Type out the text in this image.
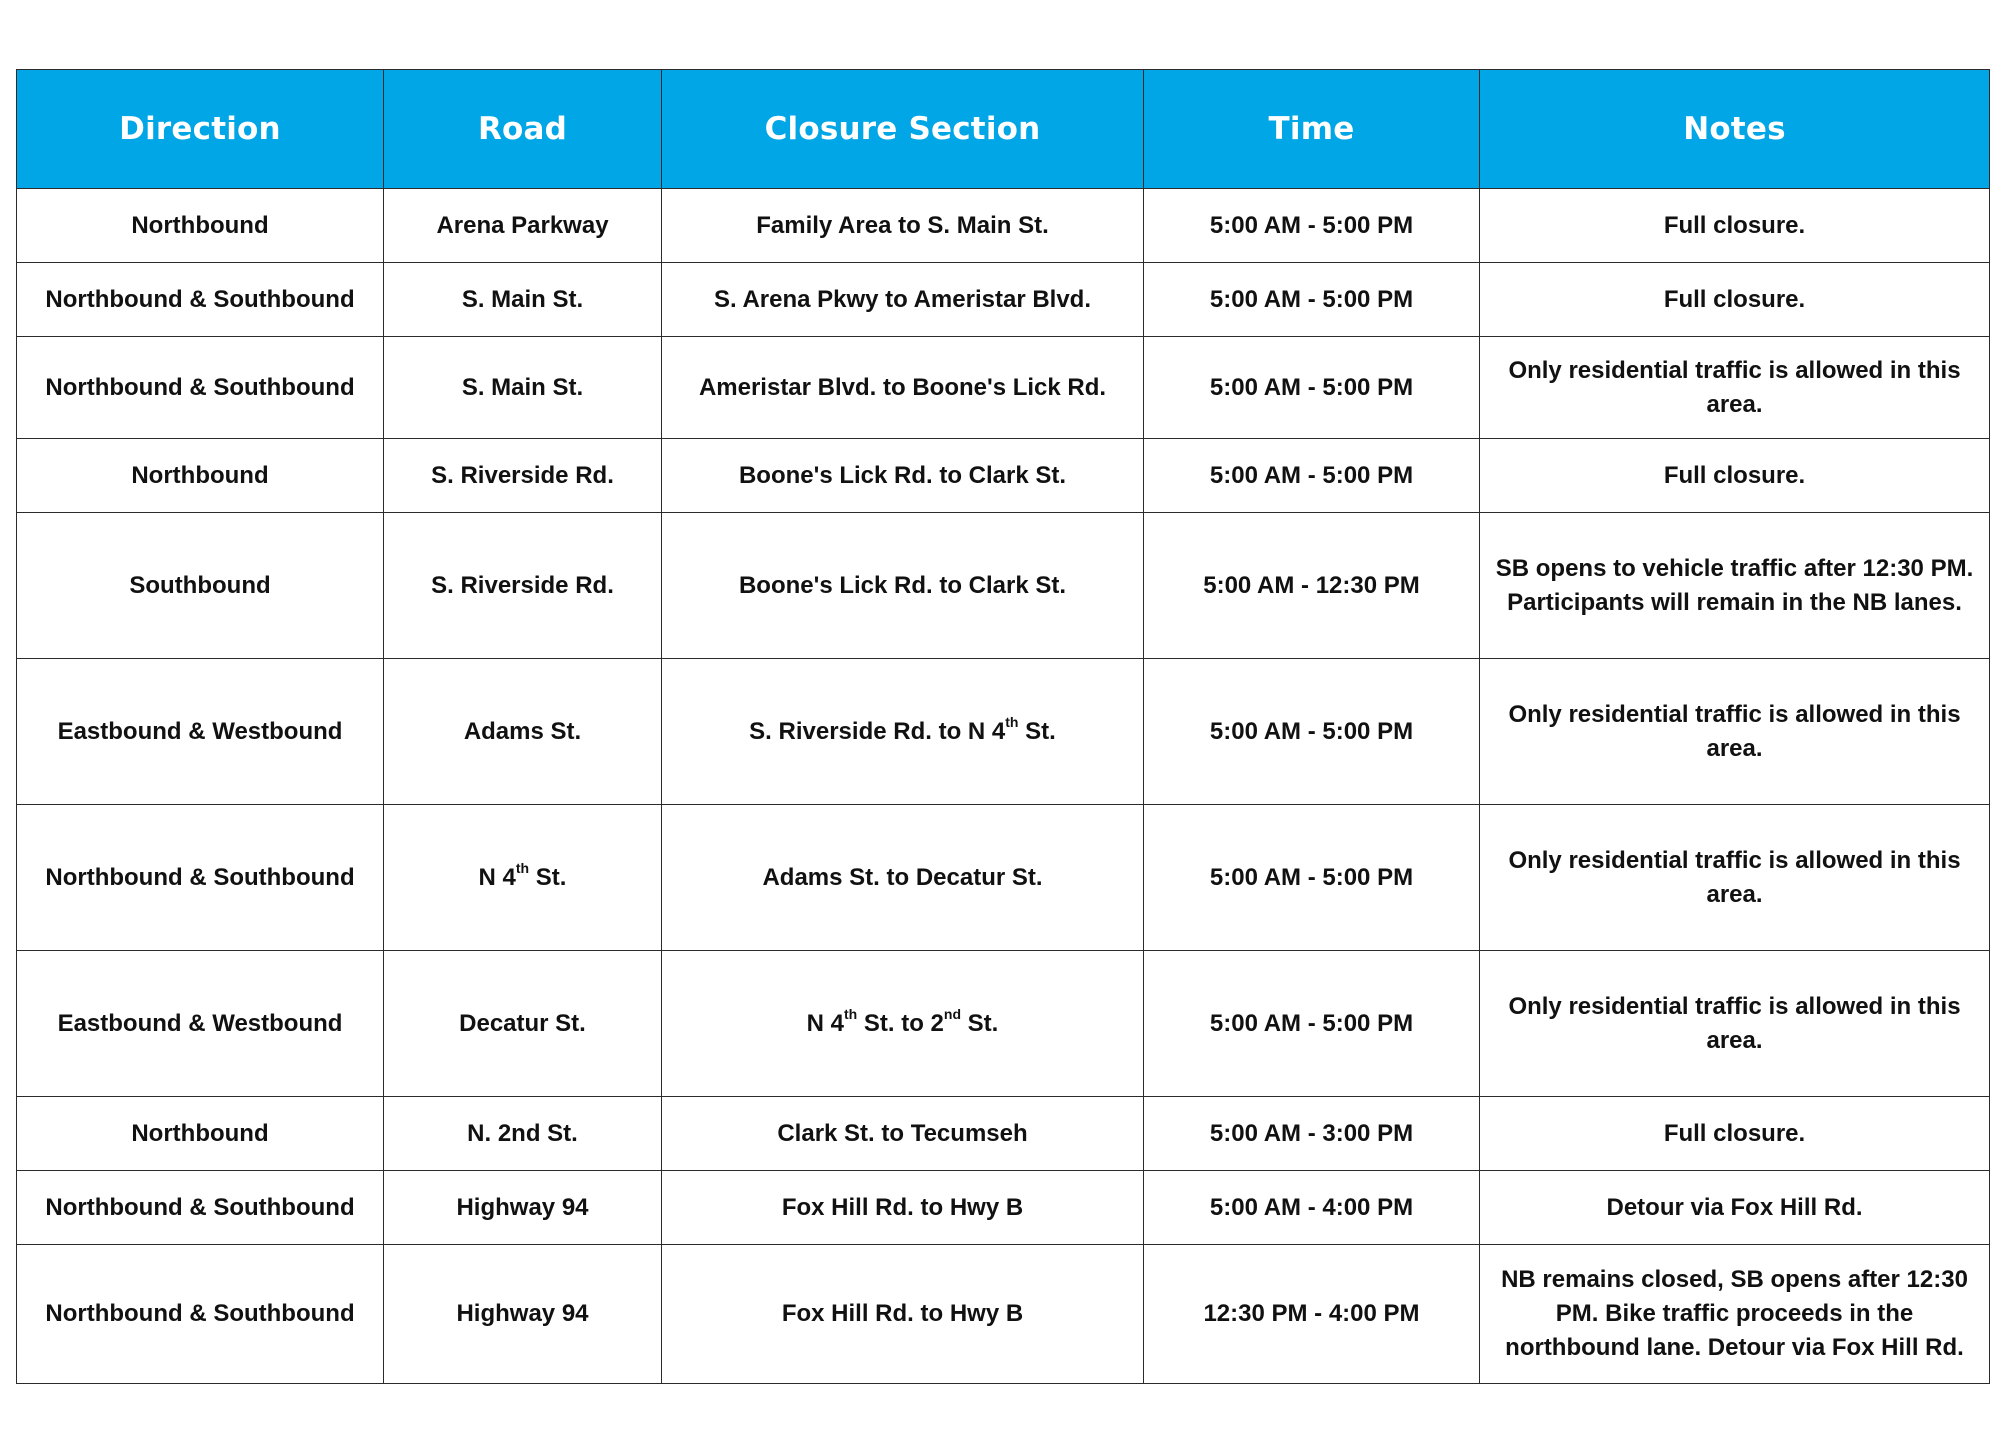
Direction	Road	Closure Section	Time	Notes
Northbound	Arena Parkway	Family Area to S. Main St.	5:00 AM - 5:00 PM	Full closure.
Northbound & Southbound	S. Main St.	S. Arena Pkwy to Ameristar Blvd.	5:00 AM - 5:00 PM	Full closure.
Northbound & Southbound	S. Main St.	Ameristar Blvd. to Boone's Lick Rd.	5:00 AM - 5:00 PM	Only residential traffic is allowed in this area.
Northbound	S. Riverside Rd.	Boone's Lick Rd. to Clark St.	5:00 AM - 5:00 PM	Full closure.
Southbound	S. Riverside Rd.	Boone's Lick Rd. to Clark St.	5:00 AM - 12:30 PM	SB opens to vehicle traffic after 12:30 PM.
Participants will remain in the NB lanes.
Eastbound & Westbound	Adams St.	S. Riverside Rd. to N 4th St.	5:00 AM - 5:00 PM	Only residential traffic is allowed in this area.
Northbound & Southbound	N 4th St.	Adams St. to Decatur St.	5:00 AM - 5:00 PM	Only residential traffic is allowed in this area.
Eastbound & Westbound	Decatur St.	N 4th St. to 2nd St.	5:00 AM - 5:00 PM	Only residential traffic is allowed in this area.
Northbound	N. 2nd St.	Clark St. to Tecumseh	5:00 AM - 3:00 PM	Full closure.
Northbound & Southbound	Highway 94	Fox Hill Rd. to Hwy B	5:00 AM - 4:00 PM	Detour via Fox Hill Rd.
Northbound & Southbound	Highway 94	Fox Hill Rd. to Hwy B	12:30 PM - 4:00 PM	NB remains closed, SB opens after 12:30 PM. Bike traffic proceeds in the northbound lane. Detour via Fox Hill Rd.
